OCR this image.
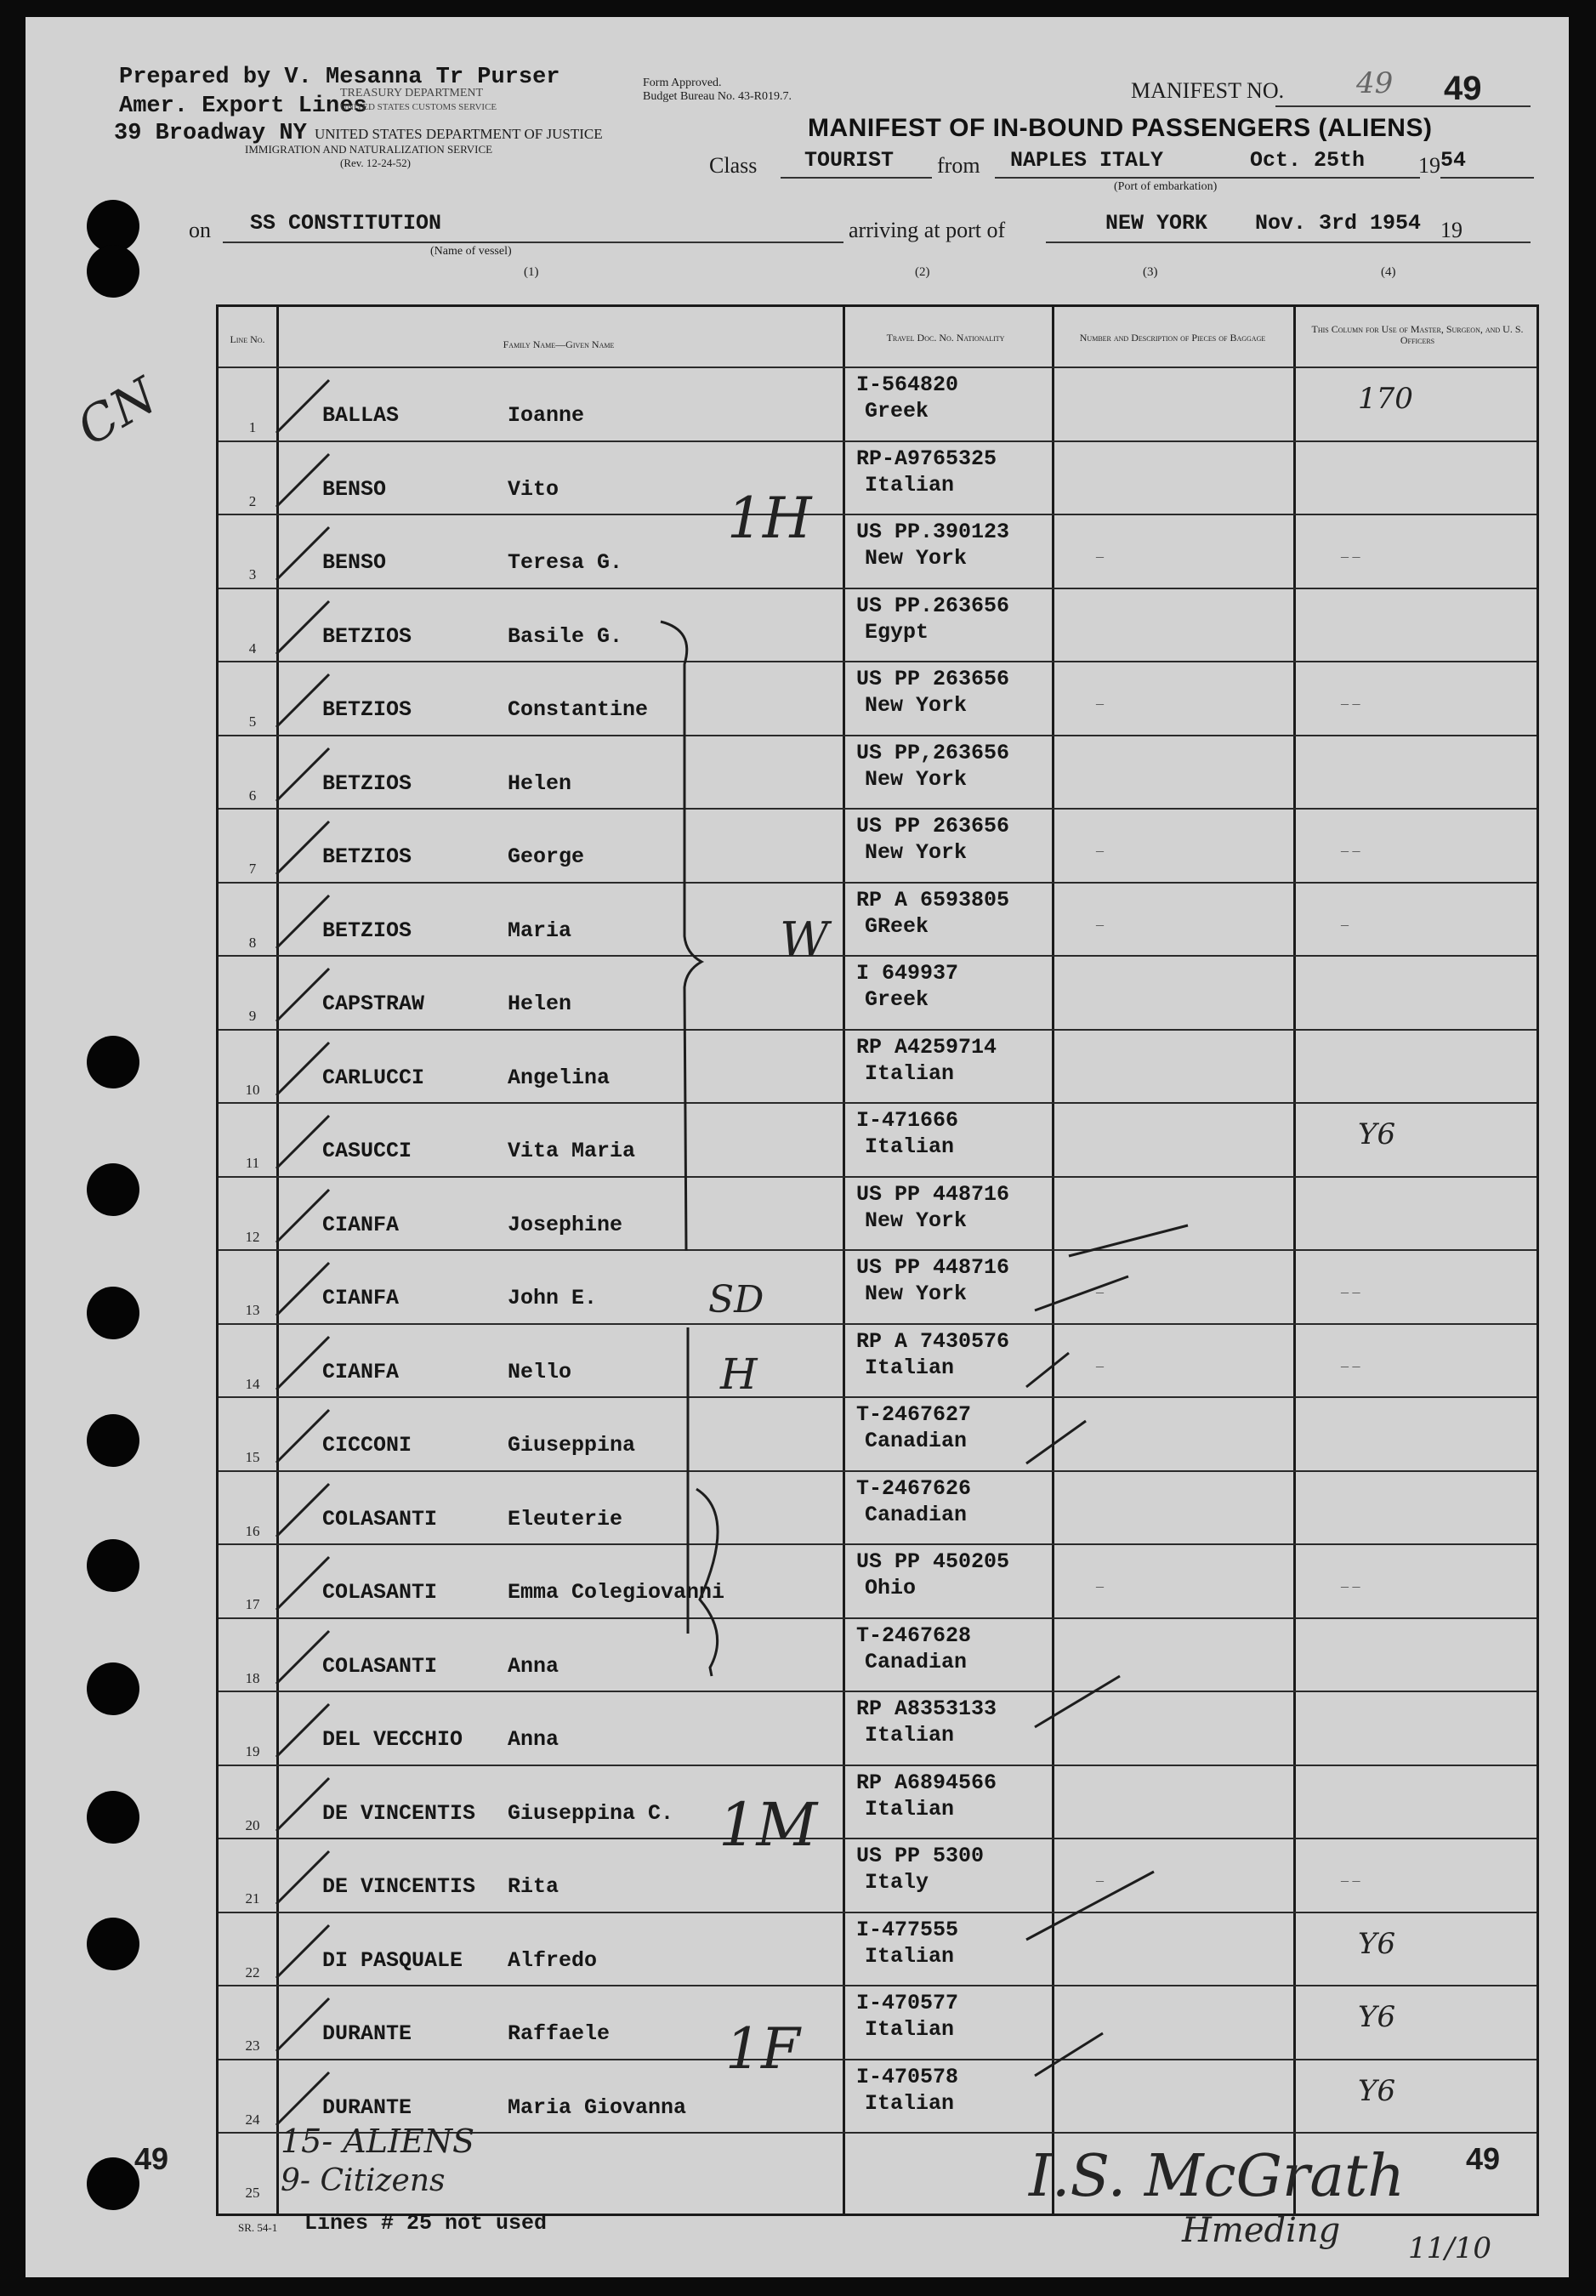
Prepared by V. Mesanna Tr Purser
Amer. Export Lines
39 Broadway NY
TREASURY DEPARTMENT
UNITED STATES CUSTOMS SERVICE
UNITED STATES DEPARTMENT OF JUSTICE
IMMIGRATION AND NATURALIZATION SERVICE
(Rev. 12-24-52)
Form Approved.
Budget Bureau No. 43-R019.7.	MANIFEST NO. 49 49
MANIFEST OF IN-BOUND PASSENGERS (ALIENS)
Class TOURIST from NAPLES ITALY	Oct. 25th 19 54
(Port of embarkation)
on SS CONSTITUTION
(Name of vessel)
arriving at port of	NEW YORK Nov. 3rd 1954 19
(1)	(2)	(3)	(4)
CN
Line No.	Family Name—Given Name
Travel Doc. No. Nationality	Number and Description of Pieces of Baggage
This Column for Use of Master, Surgeon, and U. S. Officers
1	BALLAS	Ioanne
I-564820
Greek	170
2	BENSO	Vito
RP-A9765325
Italian
3	BENSO	Teresa G.
US PP.390123
New York	–	– –
4	BETZIOS	Basile G.
US PP.263656
Egypt
5	BETZIOS	Constantine
US PP 263656
New York	–	– –
6	BETZIOS	Helen
US PP,263656
New York
7	BETZIOS	George
US PP 263656
New York	–	– –
8	BETZIOS	Maria
RP A 6593805
GReek	–	–
9	CAPSTRAW	Helen
I 649937
Greek
10	CARLUCCI	Angelina
RP A4259714
Italian
11	CASUCCI	Vita Maria
I-471666
Italian	Y6
12	CIANFA	Josephine
US PP 448716
New York
13	CIANFA	John E.
US PP 448716
New York	–	– –
14	CIANFA	Nello
RP A 7430576
Italian	–	– –
15	CICCONI	Giuseppina
T-2467627
Canadian
16	COLASANTI	Eleuterie
T-2467626
Canadian
17	COLASANTI	Emma Colegiovanni
US PP 450205
Ohio	–	– –
18	COLASANTI	Anna
T-2467628
Canadian
19	DEL VECCHIO Anna
RP A8353133
Italian
20	DE VINCENTIS Giuseppina C.
RP A6894566
Italian
21	DE VINCENTIS Rita
US PP 5300
Italy	–	– –
22	DI PASQUALE Alfredo
I-477555
Italian	Y6
23	DURANTE	Raffaele
I-470577
Italian	Y6
24	DURANTE	Maria Giovanna
I-470578
Italian	Y6
25
1H
W
SD
H
1M
1F
49	49
15- ALIENS
9- Citizens
SR. 54-1 Lines # 25 not used
I.S. McGrath
Hmeding 11/10
